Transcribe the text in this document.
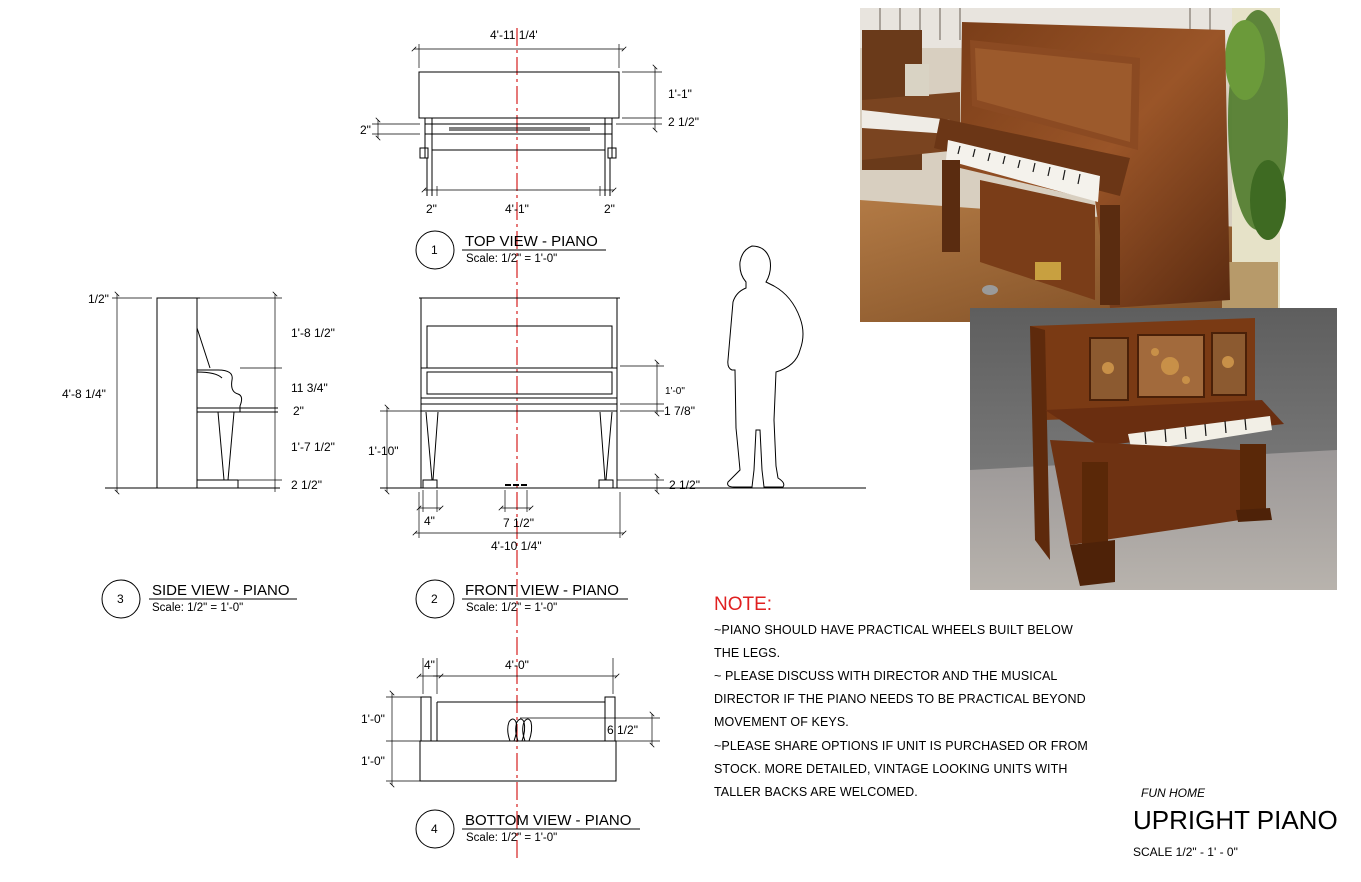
4'-11 1/4'
1'-1"
2 1/2"
2"
2"	4'-1"	2"
1 TOP VIEW - PIANO
Scale: 1/2" = 1'-0"
1/2"
4'-8 1/4"
1'-8 1/2"
11 3/4"
2"
1'-7 1/2"
2 1/2"
3 SIDE VIEW - PIANO
Scale: 1/2" = 1'-0"
1'-0"
1 7/8"
1'-10"
2 1/2"
4"	7 1/2"
4'-10 1/4"
2 FRONT VIEW - PIANO
Scale: 1/2" = 1'-0"
4"	4'-0"
1'-0"
1'-0"
6 1/2"
4 BOTTOM VIEW - PIANO
Scale: 1/2" = 1'-0"
NOTE:
~PIANO SHOULD HAVE PRACTICAL WHEELS BUILT BELOW
THE LEGS.
~ PLEASE DISCUSS WITH DIRECTOR AND THE MUSICAL
DIRECTOR IF THE PIANO NEEDS TO BE PRACTICAL BEYOND
MOVEMENT OF KEYS.
~PLEASE SHARE OPTIONS IF UNIT IS PURCHASED OR FROM
STOCK. MORE DETAILED, VINTAGE LOOKING UNITS WITH
TALLER BACKS ARE WELCOMED.	FUN HOME
UPRIGHT PIANO
SCALE 1/2" - 1' - 0"
